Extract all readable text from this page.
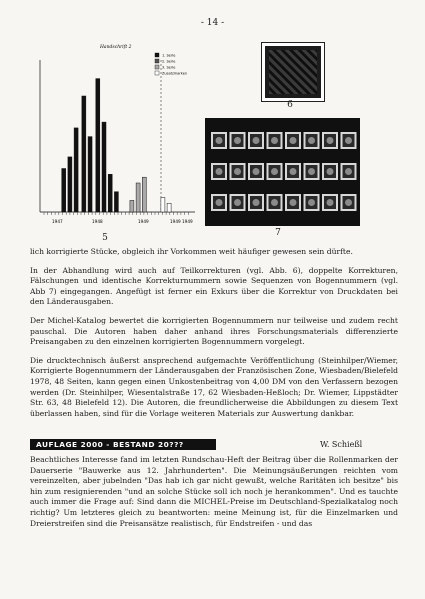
- 14 -
Handschrift 2
1. Serie
2. Serie
3. Serie
Zusatzmarken
1947	1948	1949	1949 1949
5
6
7

lich korrigierte Stücke, obgleich ihr Vorkommen weit häufiger gewesen sein dürfte.

In der Abhandlung wird auch auf Teilkorrekturen (vgl. Abb. 6), doppelte Korrekturen, Fälschungen und identische Korrekturnummern sowie Sequenzen von Bogennummern (vgl. Abb 7) eingegangen. Angefügt ist ferner ein Exkurs über die Korrektur von Druckdaten bei den Länderausgaben.

Der Michel-Katalog bewertet die korrigierten Bogennummern nur teilweise und zudem recht pauschal. Die Autoren haben daher anhand ihres Forschungsmaterials differenzierte Preisangaben zu den einzelnen korrigierten Bogennummern vorgelegt.

Die drucktechnisch äußerst ansprechend aufgemachte Veröffentlichung (Steinhilper/Wiemer, Korrigierte Bogennummern der Länderausgaben der Französischen Zone, Wiesbaden/Bielefeld 1978, 48 Seiten, kann gegen einen Unkostenbeitrag von 4,00 DM von den Verfassern bezogen werden (Dr. Steinhilper, Wiesentalstraße 17, 62 Wiesbaden-Heßloch; Dr. Wiemer, Lippstädter Str. 63, 48 Bielefeld 12). Die Autoren, die freundlicherweise die Abbildungen zu diesem Text überlassen haben, sind für die Vorlage weiteren Materials zur Auswertung dankbar.

AUFLAGE 2000 - BESTAND 20???	W. Schießl

Beachtliches Interesse fand im letzten Rundschau-Heft der Beitrag über die Rollenmarken der Dauerserie "Bauwerke aus 12. Jahrhunderten". Die Meinungsäußerungen reichten vom vereinzelten, aber jubelnden "Das hab ich gar nicht gewußt, welche Raritäten ich besitze" bis hin zum resignierenden "und an solche Stücke soll ich noch je herankommen". Und es tauchte auch immer die Frage auf: Sind dann die MICHEL-Preise im Deutschland-Spezialkatalog noch richtig? Um letzteres gleich zu beantworten: meine Meinung ist, für die Einzelmarken und Dreierstreifen sind die Preisansätze realistisch, für Endstreifen - und das
